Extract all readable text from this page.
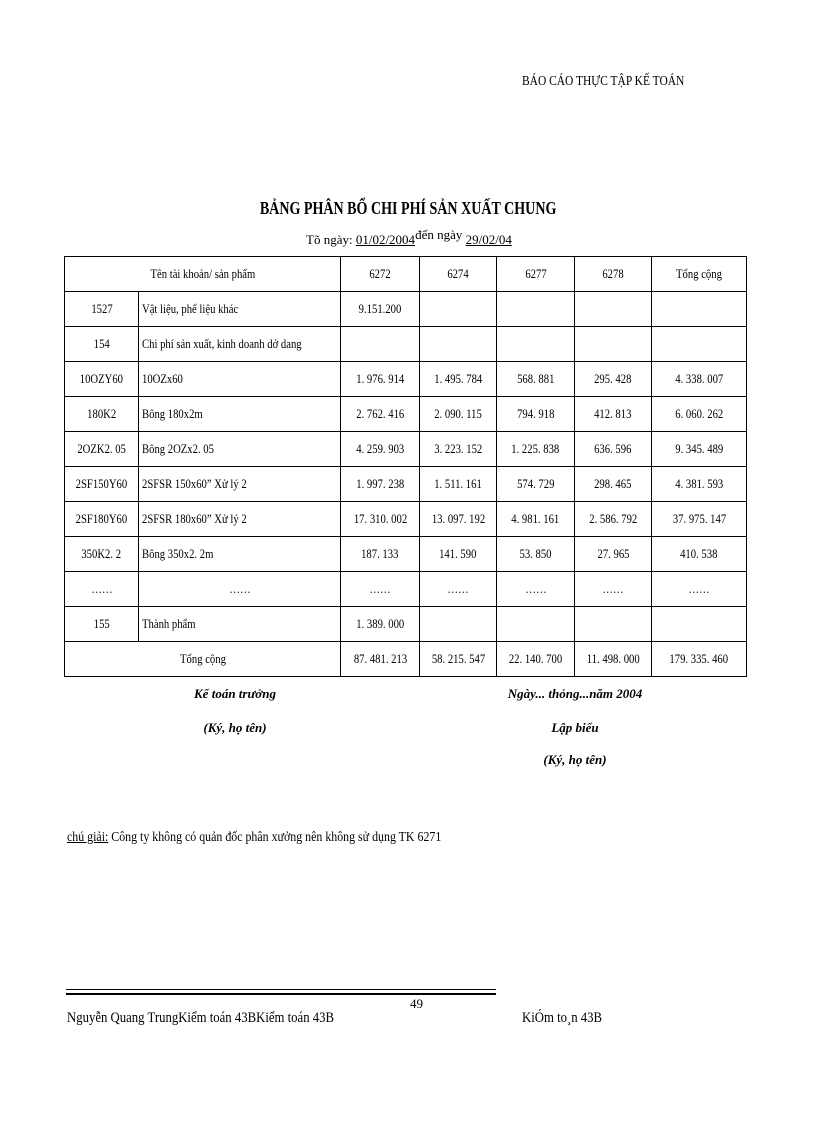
BÁO CÁO THỰC TẬP KẾ TOÁN
BẢNG PHÂN BỔ CHI PHÍ SẢN XUẤT CHUNG
Tõ ngày: 01/02/2004đến ngày 29/02/04
Tên tài khoản/ sản phẩm		6272	6274	6277	6278	Tổng cộng
1527	Vật liệu, phế liệu khác	9.151.200				
154	Chi phí sản xuất, kinh doanh dở dang					
10OZY60	10OZx60	1. 976. 914	1. 495. 784	568. 881	295. 428	4. 338. 007
180K2	Bông 180x2m	2. 762. 416	2. 090. 115	794. 918	412. 813	6. 060. 262
2OZK2. 05	Bông 2OZx2. 05	4. 259. 903	3. 223. 152	1. 225. 838	636. 596	9. 345. 489
2SF150Y60	2SFSR 150x60” Xử lý 2	1. 997. 238	1. 511. 161	574. 729	298. 465	4. 381. 593
2SF180Y60	2SFSR 180x60” Xử lý 2	17. 310. 002	13. 097. 192	4. 981. 161	2. 586. 792	37. 975. 147
350K2. 2	Bông 350x2. 2m	187. 133	141. 590	53. 850	27. 965	410. 538
……	……	……	……	……	……	……
155	Thành phẩm	1. 389. 000				
Tổng cộng		87. 481. 213	58. 215. 547	22. 140. 700	11. 498. 000	179. 335. 460
Kế toán trưởng
(Ký, họ tên)
Ngày... thỏng...năm 2004
Lập biểu
(Ký, họ tên)
chú giải: Công ty không có quản đốc phân xưởng nên không sử dụng TK 6271
49
Nguyễn Quang TrungKiểm toán 43BKiểm toán 43B	KiÓm to¸n 43B
